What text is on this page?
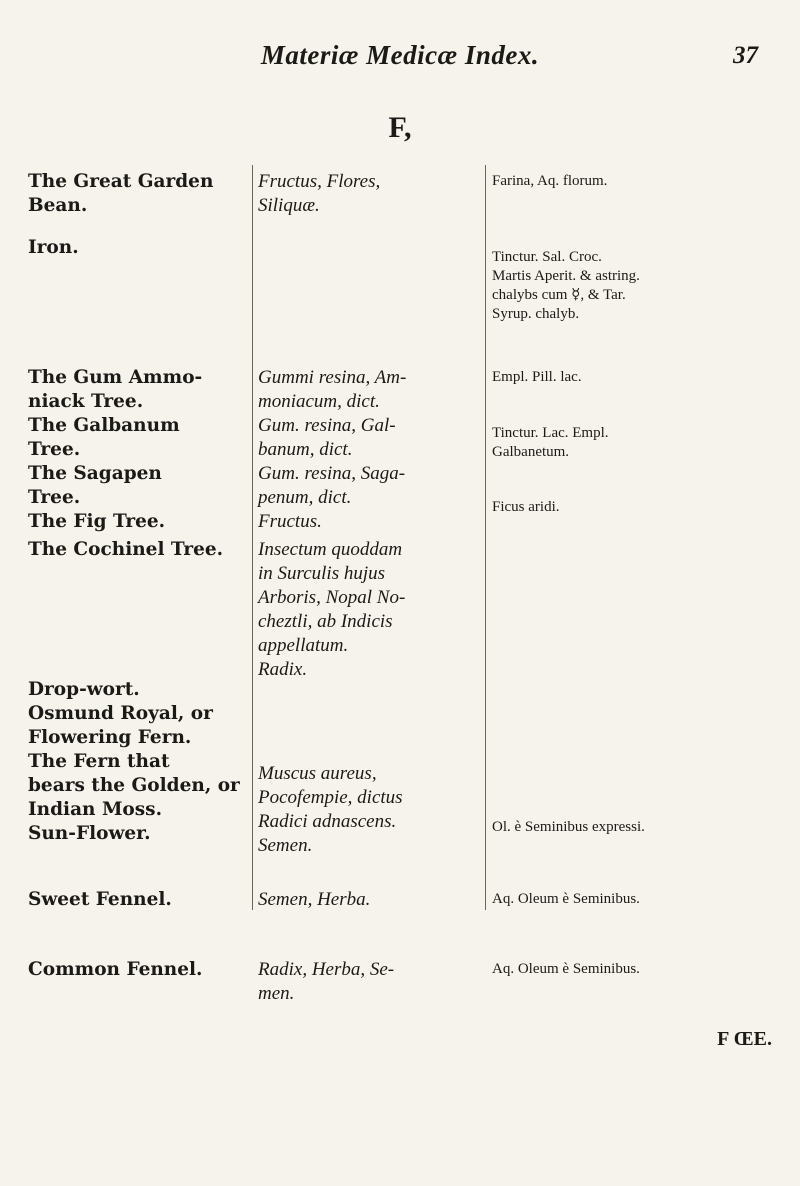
Materiæ Medicæ Index.	37
F,
The Great Garden
Bean.
Iron.
The Gum Ammo-
niack Tree.
The Galbanum
Tree.
The Sagapen
Tree.
The Fig Tree.
The Cochinel Tree.
Drop-wort.
Osmund Royal, or
Flowering Fern.
The Fern that
bears the Golden, or
Indian Moss.
Sun-Flower.
Sweet Fennel.
Common Fennel.
Fructus, Flores,
Siliquæ.
Gummi resina, Am-
moniacum, dict.
Gum. resina, Gal-
banum, dict.
Gum. resina, Saga-
penum, dict.
Fructus.
Insectum quoddam
in Surculis hujus
Arboris, Nopal No-
cheztli, ab Indicis
appellatum.
Radix.
Muscus aureus,
Pocofempie, dictus
Radici adnascens.
Semen.
Semen, Herba.
Radix, Herba, Se-
men.
Farina, Aq. florum.
Tinctur. Sal. Croc.
Martis Aperit. & astring.
chalybs cum ☿, & Tar.
Syrup. chalyb.
Empl. Pill. lac.
Tinctur. Lac. Empl.
Galbanetum.
Ficus aridi.
Ol. è Seminibus expressi.
Aq. Oleum è Seminibus.
Aq. Oleum è Seminibus.
F ŒE.
